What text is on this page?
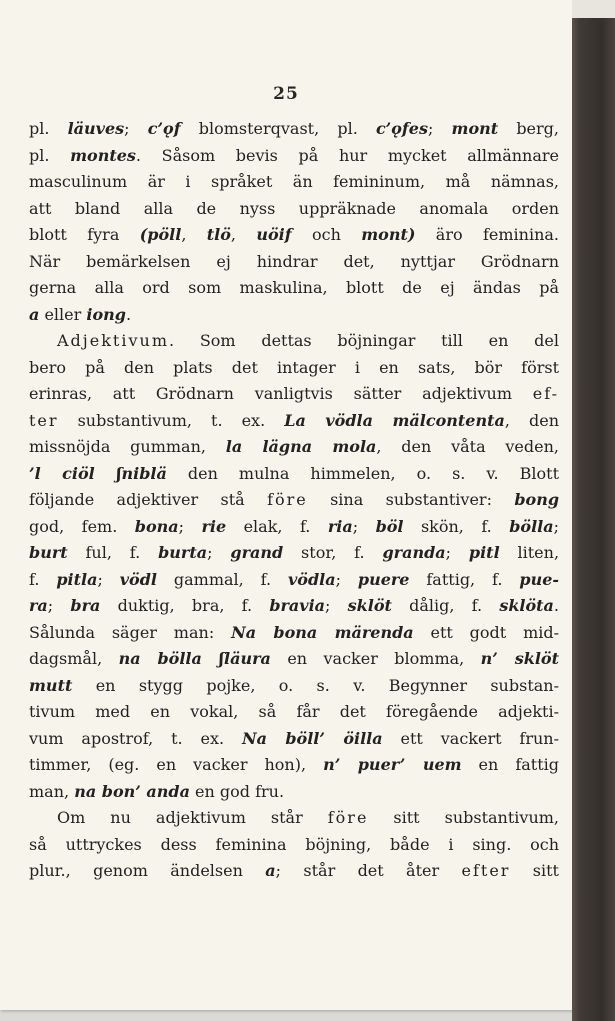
25
pl. läuves; c’ǫf blomsterqvast, pl. c’ǫfes; mont berg,
pl. montes. Såsom bevis på hur mycket allmännare
masculinum är i språket än femininum, må nämnas,
att bland alla de nyss uppräknade anomala orden
blott fyra (pöll, tlö, uöif och mont) äro feminina.
När bemärkelsen ej hindrar det, nyttjar Grödnarn
gerna alla ord som maskulina, blott de ej ändas på
a eller iong.
Adjektivum. Som dettas böjningar till en del
bero på den plats det intager i en sats, bör först
erinras, att Grödnarn vanligtvis sätter adjektivum ef-
ter substantivum, t. ex. La vödla mälcontenta, den
missnöjda gumman, la lägna mola, den våta veden,
’l ciöl ʃniblä den mulna himmelen, o. s. v. Blott
följande adjektiver stå före sina substantiver: bong
god, fem. bona; rie elak, f. ria; böl skön, f. bölla;
burt ful, f. burta; grand stor, f. granda; pitl liten,
f. pitla; vödl gammal, f. vödla; puere fattig, f. pue-
ra; bra duktig, bra, f. bravia; sklöt dålig, f. sklöta.
Sålunda säger man: Na bona märenda ett godt mid-
dagsmål, na bölla ʃläura en vacker blomma, n’ sklöt
mutt en stygg pojke, o. s. v. Begynner substan-
tivum med en vokal, så får det föregående adjekti-
vum apostrof, t. ex. Na böll’ öilla ett vackert frun-
timmer, (eg. en vacker hon), n’ puer’ uem en fattig
man, na bon’ anda en god fru.
Om nu adjektivum står före sitt substantivum,
så uttryckes dess feminina böjning, både i sing. och
plur., genom ändelsen a; står det åter efter sitt
